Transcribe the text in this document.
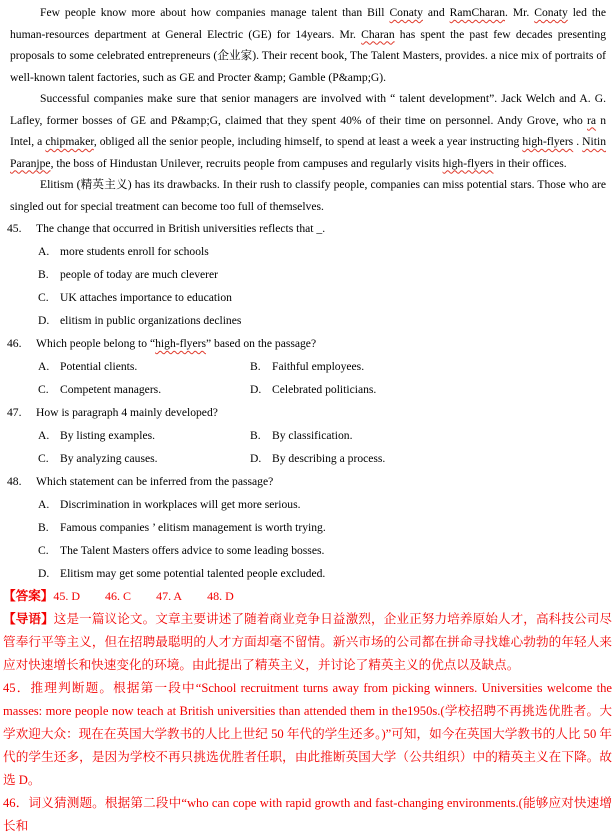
Few people know more about how companies manage talent than Bill Conaty and RamCharan. Mr. Conaty led the human-resources department at General Electric (GE) for 14years. Mr. Charan has spent the past few decades presenting proposals to some celebrated entrepreneurs (企业家). Their recent book, The Talent Masters, provides. a nice mix of portraits of well-known talent factories, such as GE and Procter &amp; Gamble (P&amp;G).

Successful companies make sure that senior managers are involved with “ talent development”. Jack Welch and A. G. Lafley, former bosses of GE and P&amp;G, claimed that they spent 40% of their time on personnel. Andy Grove, who ra n Intel, a chipmaker, obliged all the senior people, including himself, to spend at least a week a year instructing high-flyers . Nitin Paranjpe, the boss of Hindustan Unilever, recruits people from campuses and regularly visits high-flyers in their offices.

Elitism (精英主义) has its drawbacks. In their rush to classify people, companies can miss potential stars. Those who are singled out for special treatment can become too full of themselves.

45. The change that occurred in British universities reflects that _.

A. more students enroll for schools

B. people of today are much cleverer

C. UK attaches importance to education

D. elitism in public organizations declines

46. Which people belong to “high-flyers” based on the passage?

A. Potential clients.	B. Faithful employees.

C. Competent managers.	D. Celebrated politicians.

47. How is paragraph 4 mainly developed?

A. By listing examples.	B. By classification.

C. By analyzing causes.	D. By describing a process.

48. Which statement can be inferred from the passage?

A. Discrimination in workplaces will get more serious.

B. Famous companies ’ elitism management is worth trying.

C. The Talent Masters offers advice to some leading bosses.

D. Elitism may get some potential talented people excluded.

【答案】45. D 46. C 47. A 48. D

【导语】这是一篇议论文。文章主要讲述了随着商业竞争日益激烈，企业正努力培养原始人才，高科技公司尽管奉行平等主义，但在招聘最聪明的人才方面却毫不留情。新兴市场的公司都在拼命寻找雄心勃勃的年轻人来应对快速增长和快速变化的环境。由此提出了精英主义，并讨论了精英主义的优点以及缺点。

45．推理判断题。根据第一段中“School recruitment turns away from picking winners. Universities welcome the masses: more people now teach at British universities than attended them in the1950s.(学校招聘不再挑选优胜者。大学欢迎大众：现在在英国大学教书的人比上世纪 50 年代的学生还多。)”可知，如今在英国大学教书的人比 50 年代的学生还多，是因为学校不再只挑选优胜者任职，由此推断英国大学（公共组织）中的精英主义在下降。故选 D。

46．词义猜测题。根据第二段中“who can cope with rapid growth and fast-changing environments.(能够应对快速增长和
